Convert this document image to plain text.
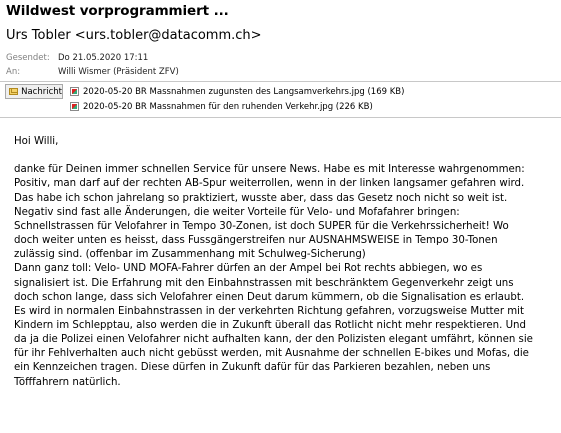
Wildwest vorprogrammiert ...
Urs Tobler <urs.tobler@datacomm.ch>
Gesendet: Do 21.05.2020 17:11
An:	Willi Wismer (Präsident ZFV)
Nachricht 2020-05-20 BR Massnahmen zugunsten des Langsamverkehrs.jpg (169 KB)
2020-05-20 BR Massnahmen für den ruhenden Verkehr.jpg (226 KB)

Hoi Willi,

danke für Deinen immer schnellen Service für unsere News. Habe es mit Interesse wahrgenommen:

Positiv, man darf auf der rechten AB-Spur weiterrollen, wenn in der linken langsamer gefahren wird.

Das habe ich schon jahrelang so praktiziert, wusste aber, dass das Gesetz noch nicht so weit ist.

Negativ sind fast alle Änderungen, die weiter Vorteile für Velo- und Mofafahrer bringen:

Schnellstrassen für Velofahrer in Tempo 30-Zonen, ist doch SUPER für die Verkehrssicherheit! Wo

doch weiter unten es heisst, dass Fussgängerstreifen nur AUSNAHMSWEISE in Tempo 30-Tonen

zulässig sind. (offenbar im Zusammenhang mit Schulweg-Sicherung)

Dann ganz toll: Velo- UND MOFA-Fahrer dürfen an der Ampel bei Rot rechts abbiegen, wo es

signalisiert ist. Die Erfahrung mit den Einbahnstrassen mit beschränktem Gegenverkehr zeigt uns

doch schon lange, dass sich Velofahrer einen Deut darum kümmern, ob die Signalisation es erlaubt.

Es wird in normalen Einbahnstrassen in der verkehrten Richtung gefahren, vorzugsweise Mutter mit

Kindern im Schlepptau, also werden die in Zukunft überall das Rotlicht nicht mehr respektieren. Und

da ja die Polizei einen Velofahrer nicht aufhalten kann, der den Polizisten elegant umfährt, können sie

für ihr Fehlverhalten auch nicht gebüsst werden, mit Ausnahme der schnellen E-bikes und Mofas, die

ein Kennzeichen tragen. Diese dürfen in Zukunft dafür für das Parkieren bezahlen, neben uns

Töfffahrern natürlich.
